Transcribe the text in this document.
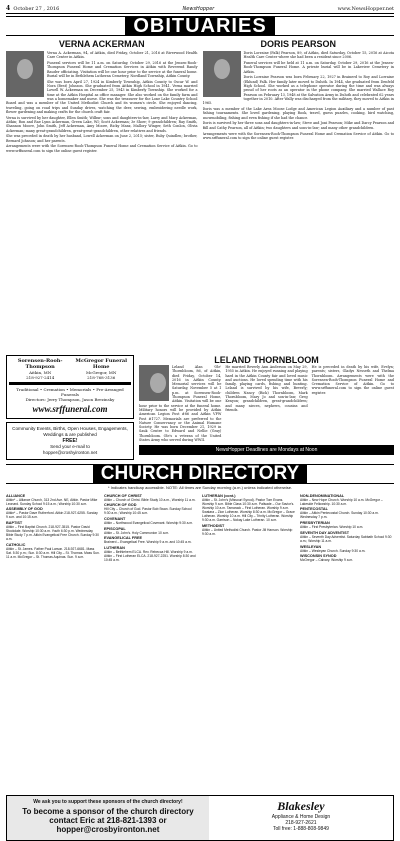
4 October 27 , 2016	NewsHopper	www.NewsHopper.net
OBITUARIES
VERNA ACKERMAN

Verna A. Ackerman, 94, of Aitkin, died Friday, October 21, 2016 at Riverwood Health Care Center in Aitkin.

Funeral services will be 11 a.m. on Saturday, October 29, 2016 at the Jensen-Rooh-Thompson Funeral Home and Cremation Services in Aitkin with Reverend Randy Bauder officiating. Visitation will be one hour prior to the service at the funeral home. Burial will be in Bethlehem Lutheran Cemetery, Nordland Township, Aitkin County.

She was born April 27, 1924 in Kimberly Township, Aitkin County to Oscar W. and Nora (Best) Johnson. She graduated from Aitkin High School in 1941. Verna married Lowell W. Ackerman on December 25, 1943 in Kimberly Township. She worked for a time at the Aitkin Hospital as office manager. She also worked on the family farm and was a homemaker and nurse. She was the treasurer for the Lone Lake Country School Board and was a member of the United Methodist Church and its women's circle. She enjoyed dancing, traveling, going on road trips and Sunday drives, watching the deer, sewing, embroidering needle work, flower gardening and making crafts for the church craft fair.

Verna is survived by her daughter, Ellen Smith; Wilbur; sons and daughters-in-law, Larry and Mary Ackerman, Aitkin; Ron and Rae Lynn Ackerman, Green Lake, WI; Scott Ackerman; 3e Show; 9 grandchildren; Ray Smith, Shannon Moore, John Smith, Jeff Ackerman, Amy Moore, Ricky Manz, Mallory Winger, Seth Conlon, Olivia Ackerman; many great-grandchildren, great-great-grandchildren, other relatives and friends.

She was preceded in death by her husband, Lowell Ackerman on June 2, 2015; sister, Ruby Quindlen; brother, Bernard Johnson; and her parents.

Arrangements were with the Sorensen-Rooh-Thompson Funeral Home and Cremation Service of Aitkin. Go to www.srffuneral.com to sign the online guest register.

DORIS PEARSON

Doris Lorraine (Falk) Pearson, 89, of Aitkin, died Saturday, October 15, 2016 at Aicota Health Care Center where she had been a resident since 2006.

Funeral services will be held at 11 a.m. on Saturday, October 29, 2016 at the Jensen-Rooh-Thompson Funeral Home. A private burial will be in Lakeview Cemetery in Aitkin.

Doris Lorraine Pearson was born February 22, 1927 in Brainerd to Roy and Lorraine (Eklund) Falk. Her family later moved to Duluth. In 1944, she graduated from Denfeld High School. She worked as a telephone operator during the time and was always proud of her roots as an operator in the phone company. She married Wallace Roy Pearson on February 13, 1948 at the Salvation Army in Duluth and celebrated 62 years together in 2010. After Wally was discharged from the military, they moved to Aitkin in 1965.

Doris was a member of the Lake Area Moose Lodge and American Legion Auxiliary and a number of past fishing tournaments. She loved gardening, playing Rook, travel, guess puzzles, cooking, bird watching, snowmobiling, fishing and even fishing if she had the chance.

Doris is survived by her three sons and daughters-in-law; Steve and Joni Pearson; Mike and Darcy Pearson and Bill and Cathy Pearson, all of Aitkin; two daughters and sons-in-law; and many other grandchildren.

Arrangements were with the Sorensen-Rooh-Thompson Funeral Home and Cremation Service of Aitkin. Go to www.srffuneral.com to sign the online guest register.

Sorensen-Rooh-Thompson
Aitkin, MN
218-927-2414
McGregor Funeral Home
McGregor, MN
218-768-3136
Traditional • Cremation • Memorials • Pre-Arranged Funerals
Directors: Jerry Thompson, Jason Brezinsky
www.srffuneral.com
Community Events, Births, Open Houses, Engagements, Weddings & are published
FREE!
Send your e-mail to
hopper@croshyironton.net
LELAND THORNBLOOM
Leland Alan 'Ole' Thornbloom, 86, of Aitkin, died Friday, October 14, 2016 in Aitkin County. Memorial services will be Saturday, November 5 at 1 p.m. at Sorensen-Rooh-Thompson Funeral Home, Aitkin. Visitation will be one hour prior to the service at the funeral home. Military honors will be provided by Aitkin American Legion Post #86 and Aitkin VFW Post #1727. Memorials are preferred to the Nature Conservancy or the Animal Humane Society. He was born December 21, 1929 in Sauk Centre to Edward and Nellie (Gray) Thornbloom. Ole's a veteran of the United States Army who served during WWII.
He married Beverly Ann Anderson on May 29, 1955 in Aitkin. He enjoyed running and playing hard in the Aitkin County fair and loved music and auctions. He loved spending time with his family, playing cards, fishing and hunting. Leland is survived by his wife, Beverly; children Nancy (Rick) Thornbloom, Mark Thornbloom, Mary Jo and son-in-law, Greg Kenyon; grandchildren, great-grandchildren; and many nieces, nephews, cousins and friends.
He is preceded in death by his wife, Evelyn; parents; sisters, Gladys Nesseth and Thelma Thornbloom. Arrangements were with the Sorensen-Rooh-Thompson Funeral Home and Cremation Service of Aitkin. Go to www.srffuneral.com to sign the online guest register.
NewsHopper Deadlines are Mondays at Noon
CHURCH DIRECTORY
* Indicates handicap accessible. NOTE: All times are Sunday morning (a.m.) unless indicated otherwise.
ALLIANCE

Aitkin* – Alliance Church, 313 2nd Ave. NE, Aitkin. Pastor Mike Leonard. Sunday School 9:15 a.m.; Worship 10:30 a.m.

ASSEMBLY OF GOD

Aitkin* – Pastor Dave Rutherford. Aitkin 218-927-6255. Sunday 9 a.m. and 10:15 a.m.

BAPTIST

Aitkin – First Baptist Church. 218-927-3515. Pastor David Stockdale. Worship 10:30 a.m. Youth 6:30 p.m. Wednesday Bible Study 7 p.m. Aitkin Evangelical Free Church. Sunday 9:30 a.m.

CATHOLIC

Aitkin – St. James. Father Paul Larson. 218-927-6681. Mass Sat. 5:30 p.m.; Sun. 8:30 a.m. Hill City – St. Thomas. Mass Sun. 11 a.m. McGregor – St. Thomas Aquinas. Sun. 9 a.m.

CHURCH OF CHRIST

Aitkin – Church of Christ. Bible Study 10 a.m., Worship 11 a.m.

CHURCH OF GOD

Hill City – Church of God. Pastor Bob Swan. Sunday School 9:30 a.m.; Worship 10:45 a.m.

COVENANT

Aitkin – Northwood Evangelical Covenant. Worship 9:30 a.m.

EPISCOPAL

Aitkin – St. John's. Holy Communion 10 a.m.

EVANGELICAL FREE

Brainerd – Evangelical Free. Worship 9 a.m. and 10:45 a.m.

LUTHERAN

Aitkin – Bethlehem ELCA. Rev. Rebecca Hill. Worship 9 a.m. Aitkin – First Lutheran ELCA. 218-927-2251. Worship 8:30 and 10:45 a.m.

LUTHERAN (cont.)

Aitkin – St. John's (Missouri Synod). Pastor Tom Evans. Worship 9 a.m. Bible Class 10:30 a.m. Palisade – Our Savior's. Worship 10 a.m. Tamarack – First Lutheran. Worship 9 a.m. Swatara – Zion Lutheran. Worship 8:30 a.m. McGregor – Grace Lutheran. Worship 10 a.m. Hill City – Trinity Lutheran. Worship 9:30 a.m. Garrison – Nokay Lake Lutheran. 10 a.m.

METHODIST

Aitkin – United Methodist Church. Pastor Jill Hanson. Worship 9:30 a.m.

NON-DENOMINATIONAL

Aitkin – New Hope Church. Worship 10 a.m. McGregor – Lakeside Fellowship. 10:30 a.m.

PENTECOSTAL

Aitkin – Aitkin Pentecostal Church. Sunday 10:30 a.m. Wednesday 7 p.m.

PRESBYTERIAN

Aitkin – First Presbyterian. Worship 10 a.m.

SEVENTH DAY ADVENTIST

Aitkin – Seventh Day Adventist. Saturday Sabbath School 9:30 a.m.; Worship 11 a.m.

WESLEYAN

Aitkin – Wesleyan Church. Sunday 9:30 a.m.

WISCONSIN SYNOD

McGregor – Calvary. Worship 9 a.m.

We ask you to support these sponsors of the church directory!
To become a sponsor of the church directory contact Eric at 218-821-1393 or hopper@crosbyironton.net
Blakesley
Appliance & Home Design
218-927-2621
Toll free: 1-888-808-9849
